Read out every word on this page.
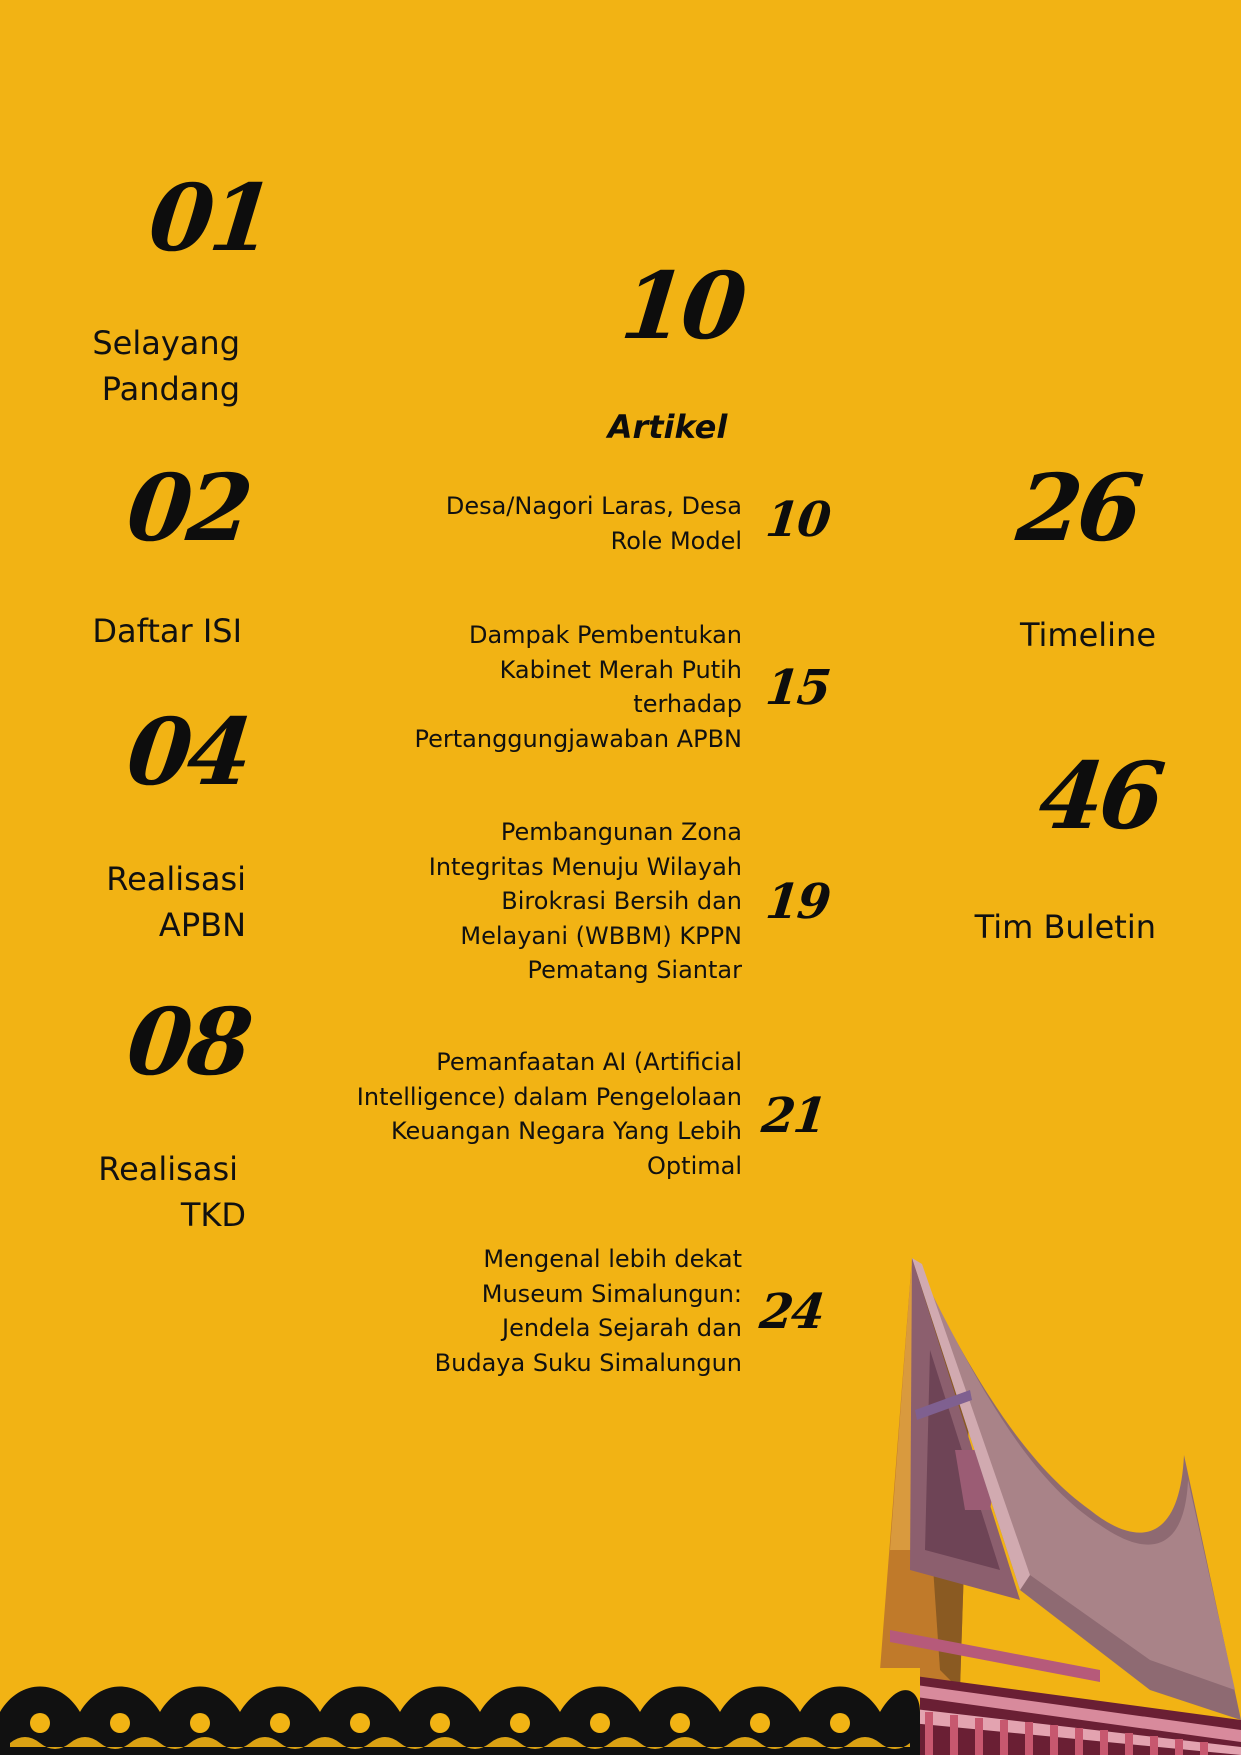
01
Selayang
Pandang
02
Daftar ISI
04
Realisasi
APBN
08
Realisasi
TKD
10
Artikel
Desa/Nagori Laras, Desa
Role Model 10
Dampak Pembentukan
Kabinet Merah Putih
terhadap
Pertanggungjawaban APBN
15
Pembangunan Zona
Integritas Menuju Wilayah
Birokrasi Bersih dan
Melayani (WBBM) KPPN
Pematang Siantar
19
Pemanfaatan AI (Artificial
Intelligence) dalam Pengelolaan
Keuangan Negara Yang Lebih
Optimal
21
Mengenal lebih dekat
Museum Simalungun:
Jendela Sejarah dan
Budaya Suku Simalungun
24
26
Timeline
46
Tim Buletin
